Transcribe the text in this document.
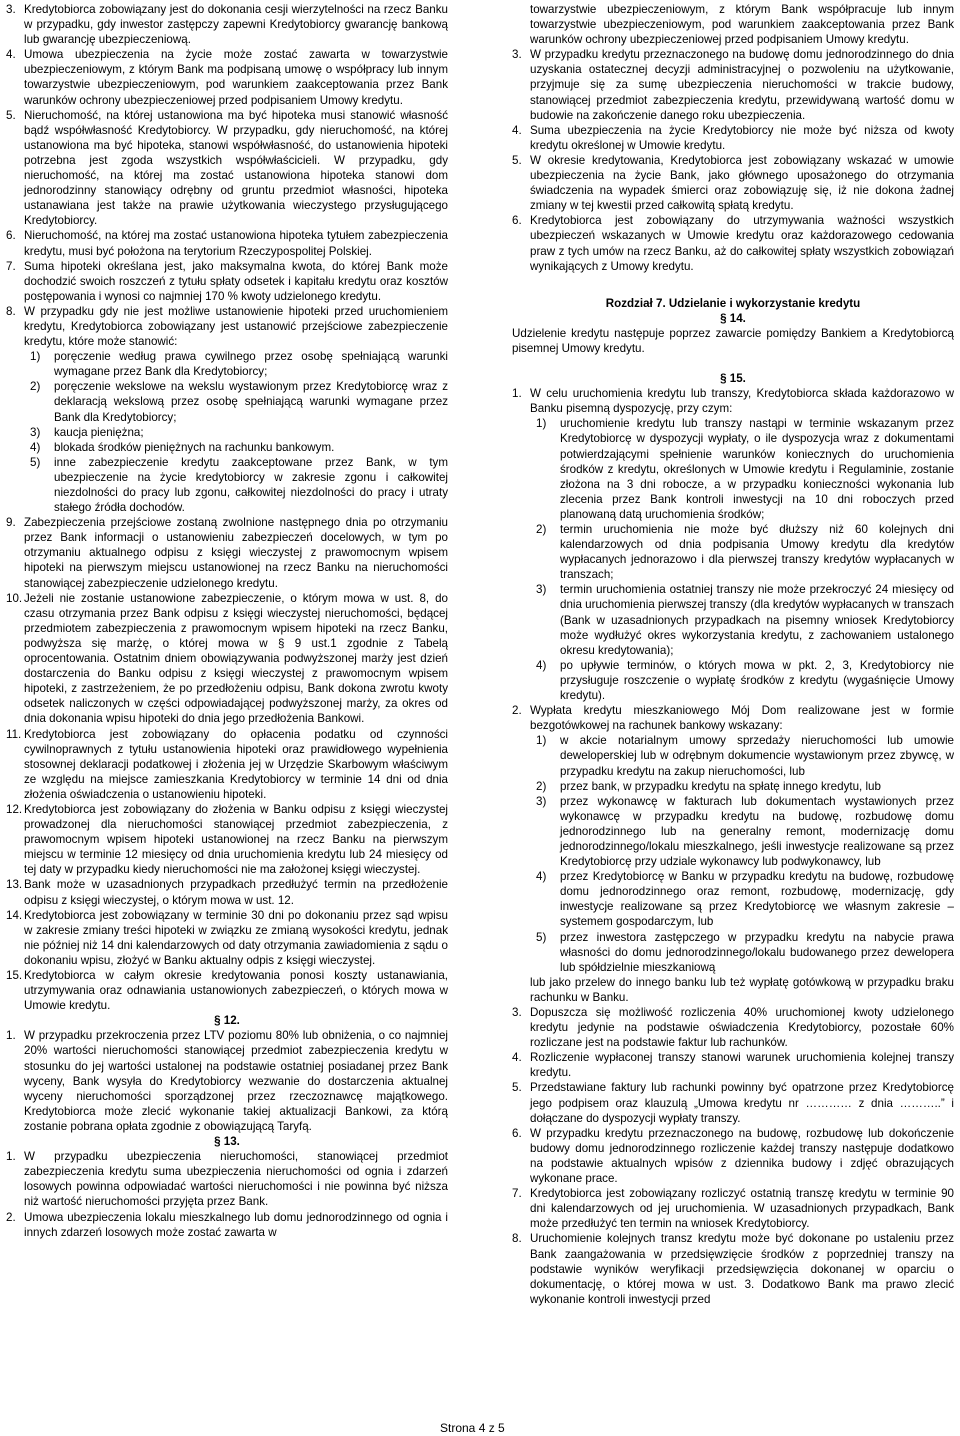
3. Kredytobiorca zobowiązany jest do dokonania cesji wierzytelności na rzecz Banku w przypadku, gdy inwestor zastępczy zapewni Kredytobiorcy gwarancję bankową lub gwarancję ubezpieczeniową.

4. Umowa ubezpieczenia na życie może zostać zawarta w towarzystwie ubezpieczeniowym, z którym Bank ma podpisaną umowę o współpracy lub innym towarzystwie ubezpieczeniowym, pod warunkiem zaakceptowania przez Bank warunków ochrony ubezpieczeniowej przed podpisaniem Umowy kredytu.

5. Nieruchomość, na której ustanowiona ma być hipoteka musi stanowić własność bądź współwłasność Kredytobiorcy. W przypadku, gdy nieruchomość, na której ustanowiona ma być hipoteka, stanowi współwłasność, do ustanowienia hipoteki potrzebna jest zgoda wszystkich współwłaścicieli. W przypadku, gdy nieruchomość, na której ma zostać ustanowiona hipoteka stanowi dom jednorodzinny stanowiący odrębny od gruntu przedmiot własności, hipoteka ustanawiana jest także na prawie użytkowania wieczystego przysługującego Kredytobiorcy.

6. Nieruchomość, na której ma zostać ustanowiona hipoteka tytułem zabezpieczenia kredytu, musi być położona na terytorium Rzeczypospolitej Polskiej.

7. Suma hipoteki określana jest, jako maksymalna kwota, do której Bank może dochodzić swoich roszczeń z tytułu spłaty odsetek i kapitału kredytu oraz kosztów postępowania i wynosi co najmniej 170 % kwoty udzielonego kredytu.

8. W przypadku gdy nie jest możliwe ustanowienie hipoteki przed uruchomieniem kredytu, Kredytobiorca zobowiązany jest ustanowić przejściowe zabezpieczenie kredytu, które może stanowić:

1) poręczenie według prawa cywilnego przez osobę spełniającą warunki wymagane przez Bank dla Kredytobiorcy;

2) poręczenie wekslowe na wekslu wystawionym przez Kredytobiorcę wraz z deklaracją wekslową przez osobę spełniającą warunki wymagane przez Bank dla Kredytobiorcy;

3) kaucja pieniężna;

4) blokada środków pieniężnych na rachunku bankowym.

5) inne zabezpieczenie kredytu zaakceptowane przez Bank, w tym ubezpieczenie na życie kredytobiorcy w zakresie zgonu i całkowitej niezdolności do pracy lub zgonu, całkowitej niezdolności do pracy i utraty stałego źródła dochodów.

9. Zabezpieczenia przejściowe zostaną zwolnione następnego dnia po otrzymaniu przez Bank informacji o ustanowieniu zabezpieczeń docelowych, w tym po otrzymaniu aktualnego odpisu z księgi wieczystej z prawomocnym wpisem hipoteki na pierwszym miejscu ustanowionej na rzecz Banku na nieruchomości stanowiącej zabezpieczenie udzielonego kredytu.

10. Jeżeli nie zostanie ustanowione zabezpieczenie, o którym mowa w ust. 8, do czasu otrzymania przez Bank odpisu z księgi wieczystej nieruchomości, będącej przedmiotem zabezpieczenia z prawomocnym wpisem hipoteki na rzecz Banku, podwyższa się marżę, o której mowa w § 9 ust.1 zgodnie z Tabelą oprocentowania. Ostatnim dniem obowiązywania podwyższonej marży jest dzień dostarczenia do Banku odpisu z księgi wieczystej z prawomocnym wpisem hipoteki, z zastrzeżeniem, że po przedłożeniu odpisu, Bank dokona zwrotu kwoty odsetek naliczonych w części odpowiadającej podwyższonej marży, za okres od dnia dokonania wpisu hipoteki do dnia jego przedłożenia Bankowi.

11. Kredytobiorca jest zobowiązany do opłacenia podatku od czynności cywilnoprawnych z tytułu ustanowienia hipoteki oraz prawidłowego wypełnienia stosownej deklaracji podatkowej i złożenia jej w Urzędzie Skarbowym właściwym ze względu na miejsce zamieszkania Kredytobiorcy w terminie 14 dni od dnia złożenia oświadczenia o ustanowieniu hipoteki.

12. Kredytobiorca jest zobowiązany do złożenia w Banku odpisu z księgi wieczystej prowadzonej dla nieruchomości stanowiącej przedmiot zabezpieczenia, z prawomocnym wpisem hipoteki ustanowionej na rzecz Banku na pierwszym miejscu w terminie 12 miesięcy od dnia uruchomienia kredytu lub 24 miesięcy od tej daty w przypadku kiedy nieruchomości nie ma założonej księgi wieczystej.

13. Bank może w uzasadnionych przypadkach przedłużyć termin na przedłożenie odpisu z księgi wieczystej, o którym mowa w ust. 12.

14. Kredytobiorca jest zobowiązany w terminie 30 dni po dokonaniu przez sąd wpisu w zakresie zmiany treści hipoteki w związku ze zmianą wysokości kredytu, jednak nie później niż 14 dni kalendarzowych od daty otrzymania zawiadomienia z sądu o dokonaniu wpisu, złożyć w Banku aktualny odpis z księgi wieczystej.

15. Kredytobiorca w całym okresie kredytowania ponosi koszty ustanawiania, utrzymywania oraz odnawiania ustanowionych zabezpieczeń, o których mowa w Umowie kredytu.

§ 12.

1. W przypadku przekroczenia przez LTV poziomu 80% lub obniżenia, o co najmniej 20% wartości nieruchomości stanowiącej przedmiot zabezpieczenia kredytu w stosunku do jej wartości ustalonej na podstawie ostatniej posiadanej przez Bank wyceny, Bank wysyła do Kredytobiorcy wezwanie do dostarczenia aktualnej wyceny nieruchomości sporządzonej przez rzeczoznawcę majątkowego. Kredytobiorca może zlecić wykonanie takiej aktualizacji Bankowi, za którą zostanie pobrana opłata zgodnie z obowiązującą Taryfą.

§ 13.

1. W przypadku ubezpieczenia nieruchomości, stanowiącej przedmiot zabezpieczenia kredytu suma ubezpieczenia nieruchomości od ognia i zdarzeń losowych powinna odpowiadać wartości nieruchomości i nie powinna być niższa niż wartość nieruchomości przyjęta przez Bank.

2. Umowa ubezpieczenia lokalu mieszkalnego lub domu jednorodzinnego od ognia i innych zdarzeń losowych może zostać zawarta w

towarzystwie ubezpieczeniowym, z którym Bank współpracuje lub innym towarzystwie ubezpieczeniowym, pod warunkiem zaakceptowania przez Bank warunków ochrony ubezpieczeniowej przed podpisaniem Umowy kredytu.

3. W przypadku kredytu przeznaczonego na budowę domu jednorodzinnego do dnia uzyskania ostatecznej decyzji administracyjnej o pozwoleniu na użytkowanie, przyjmuje się za sumę ubezpieczenia nieruchomości w trakcie budowy, stanowiącej przedmiot zabezpieczenia kredytu, przewidywaną wartość domu w budowie na zakończenie danego roku ubezpieczenia.

4. Suma ubezpieczenia na życie Kredytobiorcy nie może być niższa od kwoty kredytu określonej w Umowie kredytu.

5. W okresie kredytowania, Kredytobiorca jest zobowiązany wskazać w umowie ubezpieczenia na życie Bank, jako głównego uposażonego do otrzymania świadczenia na wypadek śmierci oraz zobowiązuję się, iż nie dokona żadnej zmiany w tej kwestii przed całkowitą spłatą kredytu.

6. Kredytobiorca jest zobowiązany do utrzymywania ważności wszystkich ubezpieczeń wskazanych w Umowie kredytu oraz każdorazowego cedowania praw z tych umów na rzecz Banku, aż do całkowitej spłaty wszystkich zobowiązań wynikających z Umowy kredytu.

Rozdział 7. Udzielanie i wykorzystanie kredytu

§ 14.

Udzielenie kredytu następuje poprzez zawarcie pomiędzy Bankiem a Kredytobiorcą pisemnej Umowy kredytu.

§ 15.

1. W celu uruchomienia kredytu lub transzy, Kredytobiorca składa każdorazowo w Banku pisemną dyspozycję, przy czym:

1) uruchomienie kredytu lub transzy nastąpi w terminie wskazanym przez Kredytobiorcę w dyspozycji wypłaty, o ile dyspozycja wraz z dokumentami potwierdzającymi spełnienie warunków koniecznych do uruchomienia środków z kredytu, określonych w Umowie kredytu i Regulaminie, zostanie złożona na 3 dni robocze, a w przypadku konieczności wykonania lub zlecenia przez Bank kontroli inwestycji na 10 dni roboczych przed planowaną datą uruchomienia środków;

2) termin uruchomienia nie może być dłuższy niż 60 kolejnych dni kalendarzowych od dnia podpisania Umowy kredytu dla kredytów wypłacanych jednorazowo i dla pierwszej transzy kredytów wypłacanych w transzach;

3) termin uruchomienia ostatniej transzy nie może przekroczyć 24 miesięcy od dnia uruchomienia pierwszej transzy (dla kredytów wypłacanych w transzach (Bank w uzasadnionych przypadkach na pisemny wniosek Kredytobiorcy może wydłużyć okres wykorzystania kredytu, z zachowaniem ustalonego okresu kredytowania);

4) po upływie terminów, o których mowa w pkt. 2, 3, Kredytobiorcy nie przysługuje roszczenie o wypłatę środków z kredytu (wygaśnięcie Umowy kredytu).

2. Wypłata kredytu mieszkaniowego Mój Dom realizowane jest w formie bezgotówkowej na rachunek bankowy wskazany:

1) w akcie notarialnym umowy sprzedaży nieruchomości lub umowie deweloperskiej lub w odrębnym dokumencie wystawionym przez zbywcę, w przypadku kredytu na zakup nieruchomości, lub

2) przez bank, w przypadku kredytu na spłatę innego kredytu, lub

3) przez wykonawcę w fakturach lub dokumentach wystawionych przez wykonawcę w przypadku kredytu na budowę, rozbudowę domu jednorodzinnego lub na generalny remont, modernizację domu jednorodzinnego/lokalu mieszkalnego, jeśli inwestycje realizowane są przez Kredytobiorcę przy udziale wykonawcy lub podwykonawcy, lub

4) przez Kredytobiorcę w Banku w przypadku kredytu na budowę, rozbudowę domu jednorodzinnego oraz remont, rozbudowę, modernizację, gdy inwestycje realizowane są przez Kredytobiorcę we własnym zakresie – systemem gospodarczym, lub

5) przez inwestora zastępczego w przypadku kredytu na nabycie prawa własności do domu jednorodzinnego/lokalu budowanego przez dewelopera lub spółdzielnie mieszkaniową

lub jako przelew do innego banku lub też wypłatę gotówkową w przypadku braku rachunku w Banku.

3. Dopuszcza się możliwość rozliczenia 40% uruchomionej kwoty udzielonego kredytu jedynie na podstawie oświadczenia Kredytobiorcy, pozostałe 60% rozliczane jest na podstawie faktur lub rachunków.

4. Rozliczenie wypłaconej transzy stanowi warunek uruchomienia kolejnej transzy kredytu.

5. Przedstawiane faktury lub rachunki powinny być opatrzone przez Kredytobiorcę jego podpisem oraz klauzulą „Umowa kredytu nr ………… z dnia ………..” i dołączane do dyspozycji wypłaty transzy.

6. W przypadku kredytu przeznaczonego na budowę, rozbudowę lub dokończenie budowy domu jednorodzinnego rozliczenie każdej transzy następuje dodatkowo na podstawie aktualnych wpisów z dziennika budowy i zdjęć obrazujących wykonane prace.

7. Kredytobiorca jest zobowiązany rozliczyć ostatnią transzę kredytu w terminie 90 dni kalendarzowych od jej uruchomienia. W uzasadnionych przypadkach, Bank może przedłużyć ten termin na wniosek Kredytobiorcy.

8. Uruchomienie kolejnych transz kredytu może być dokonane po ustaleniu przez Bank zaangażowania w przedsięwzięcie środków z poprzedniej transzy na podstawie wyników weryfikacji przedsięwzięcia dokonanej w oparciu o dokumentację, o której mowa w ust. 3. Dodatkowo Bank ma prawo zlecić wykonanie kontroli inwestycji przed

Strona 4 z 5
